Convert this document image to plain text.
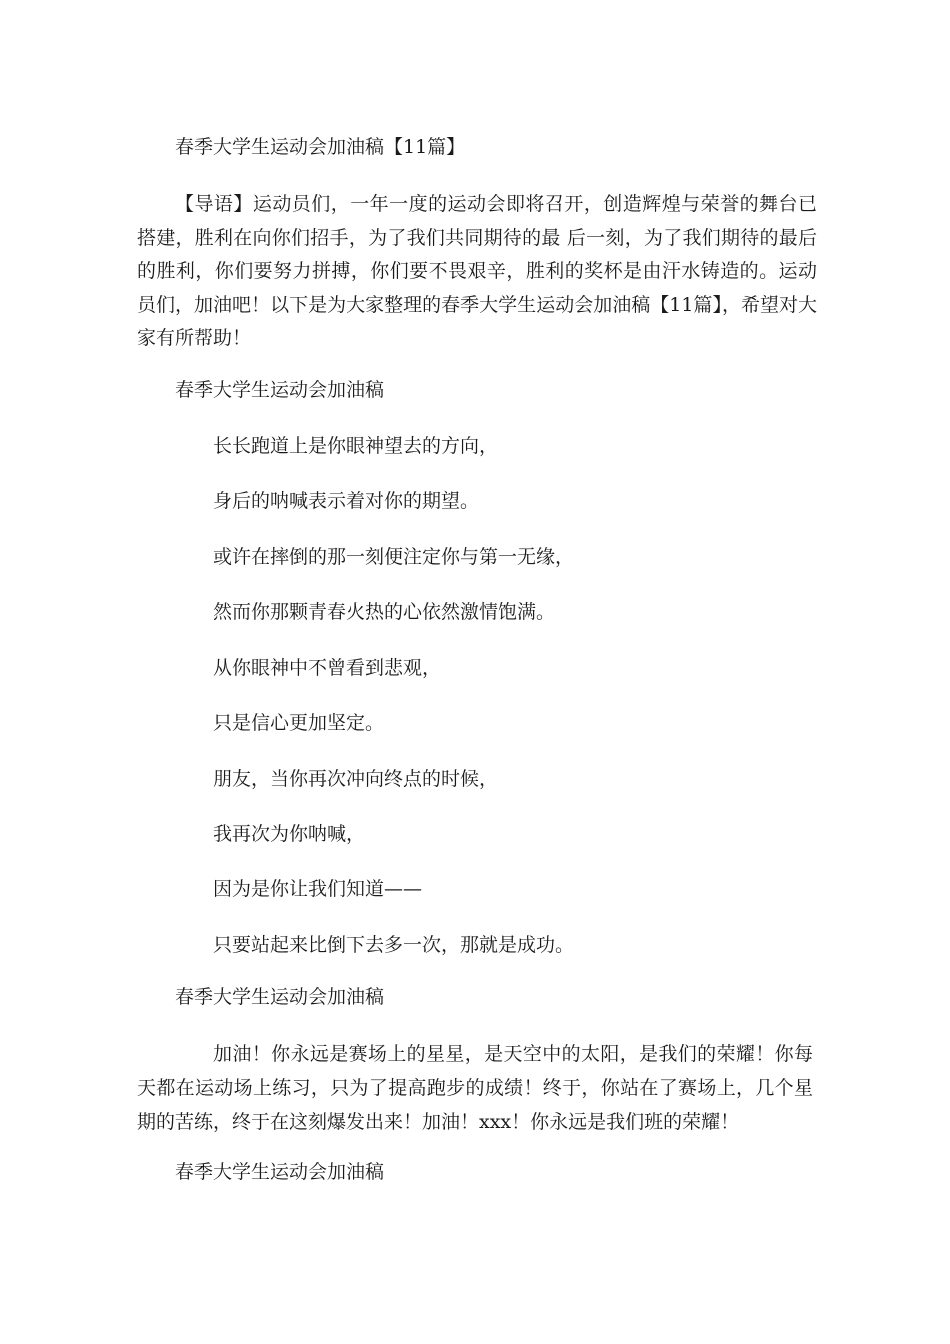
春季大学生运动会加油稿【11篇】
【导语】运动员们，一年一度的运动会即将召开，创造辉煌与荣誉的舞台已搭建，胜利在向你们招手，为了我们共同期待的最 后一刻，为了我们期待的最后的胜利，你们要努力拼搏，你们要不畏艰辛，胜利的奖杯是由汗水铸造的。运动员们，加油吧！以下是为大家整理的春季大学生运动会加油稿【11篇】，希望对大家有所帮助！
春季大学生运动会加油稿
长长跑道上是你眼神望去的方向，
身后的呐喊表示着对你的期望。
或许在摔倒的那一刻便注定你与第一无缘，
然而你那颗青春火热的心依然激情饱满。
从你眼神中不曾看到悲观，
只是信心更加坚定。
朋友，当你再次冲向终点的时候，
我再次为你呐喊，
因为是你让我们知道——
只要站起来比倒下去多一次，那就是成功。
春季大学生运动会加油稿
加油！你永远是赛场上的星星，是天空中的太阳，是我们的荣耀！你每天都在运动场上练习，只为了提高跑步的成绩！终于，你站在了赛场上，几个星期的苦练，终于在这刻爆发出来！加油！xxx！你永远是我们班的荣耀！
春季大学生运动会加油稿
